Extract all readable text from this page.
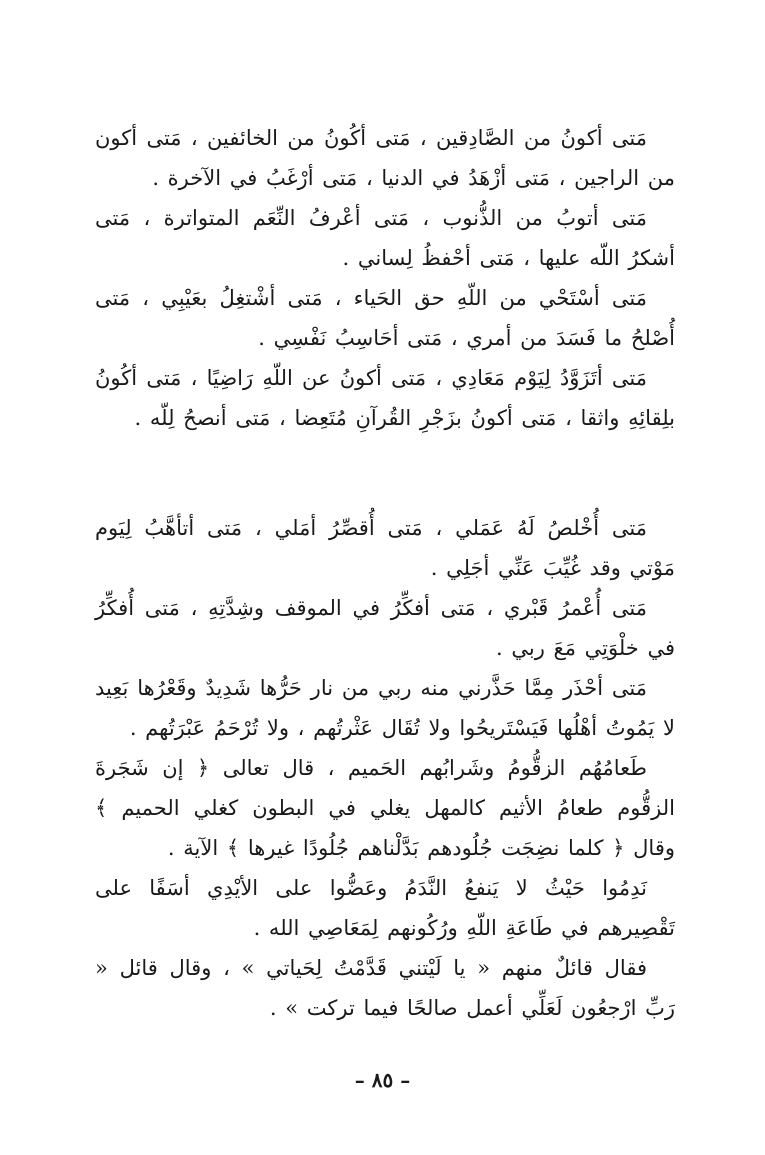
مَتى أكونُ من الصَّادِقين ، مَتى أكُونُ من الخائفين ، مَتى أكون من الراجين ، مَتى أزْهَدُ في الدنيا ، مَتى أرْغَبُ في الآخرة .

مَتى أتوبُ من الذُّنوب ، مَتى أعْرفُ النِّعَم المتواترة ، مَتى أشكرُ اللّه عليها ، مَتى أحْفظُ لِساني .

مَتى أسْتَحْي من اللّهِ حق الحَياء ، مَتى أشْتغِلُ بعَيْبِي ، مَتى أُصْلحُ ما فَسَدَ من أمري ، مَتى أحَاسِبُ نَفْسِي .

مَتى أتَزَوَّدُ لِيَوْم مَعَادِي ، مَتى أكونُ عن اللّهِ رَاضِيًا ، مَتى أكُونُ بلِقائِهِ واثقا ، مَتى أكونُ بزَجْرِ القُرآنِ مُتَعِضا ، مَتى أنصحُ لِلّه .

مَتى أُخْلصُ لَهُ عَمَلي ، مَتى أُقصِّرُ أمَلي ، مَتى أتأهَّبُ لِيَوم مَوْتي وقد غُيِّبَ عَنِّي أجَلِي .

مَتى أُعْمرُ قَبْري ، مَتى أفكِّرُ في الموقف وشِدَّتِهِ ، مَتى أُفكِّرُ في خلْوَتِي مَعَ ربي .

مَتى أحْذَر مِمَّا حَذَّرني منه ربي من نار حَرُّها شَدِيدٌ وقَعْرُها بَعِيد لا يَمُوتُ أهْلُها فَيَسْتَريحُوا ولا تُقَال عَثْرتُهم ، ولا تُرْحَمُ عَبْرَتُهم .

طَعامُهُم الزقُّومُ وشَرابُهم الحَميم ، قال تعالى ﴿ إن شَجَرةَ الزقُّوم طعامُ الأثيم كالمهل يغلي في البطون كغلي الحميم ﴾ وقال ﴿ كلما نضِجَت جُلُودهم بَدَّلْناهم جُلُودًا غيرها ﴾ الآية .

نَدِمُوا حَيْثُ لا يَنفعُ النَّدَمُ وعَضُّوا على الأيْدِي أسَفًا على تَقْصِيرهم في طَاعَةِ اللّهِ ورُكُونهم لِمَعَاصِي الله .

فقال قائلٌ منهم « يا لَيْتني قَدَّمْتُ لِحَياتي » ، وقال قائل « رَبِّ ارْجعُون لَعَلِّي أعمل صالحًا فيما تركت » .

– ٨٥ –
